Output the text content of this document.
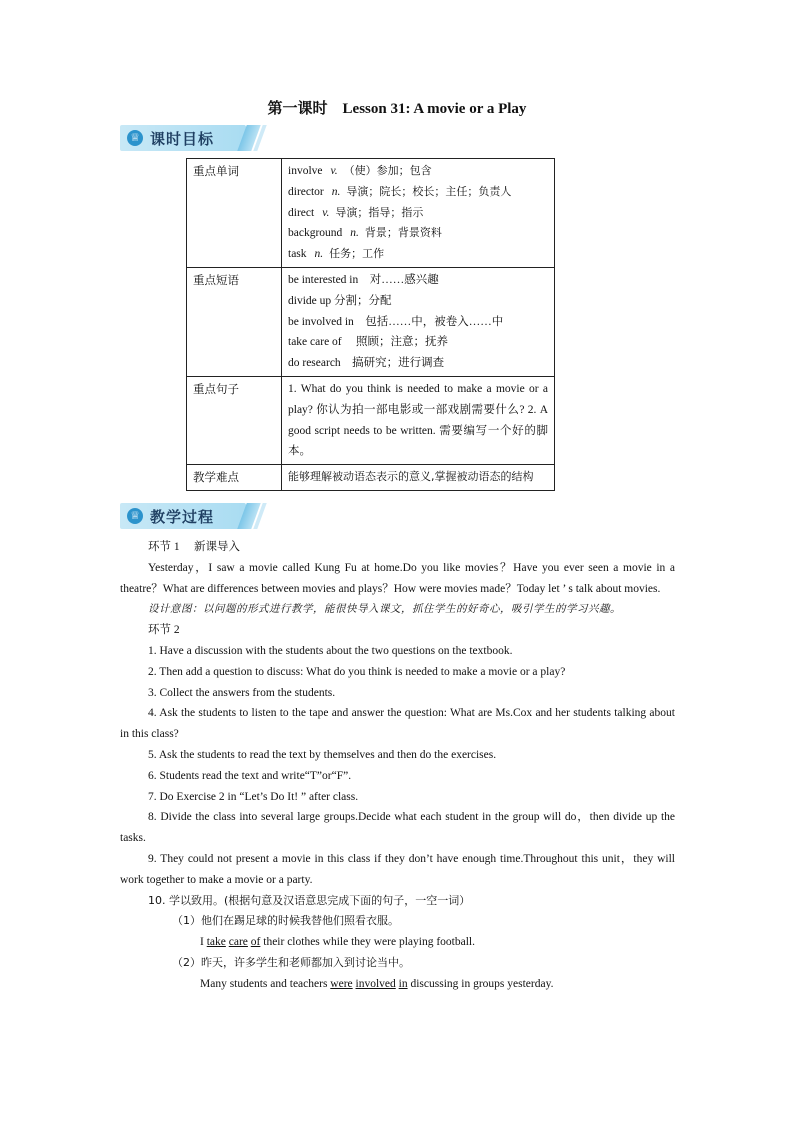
第一课时　Lesson 31: A movie or a Play
♕ 课时目标
重点单词	involve v. （使）参加；包含
director n. 导演；院长；校长；主任；负责人
direct v. 导演；指导；指示
background n. 背景；背景资料
task n. 任务；工作

重点短语	be interested in　对……感兴趣
divide up 分割；分配
be involved in　包括……中，被卷入……中
take care of　 照顾；注意；抚养
do research　搞研究；进行调查

重点句子	1. What do you think is needed to make a movie or a play? 你认为拍一部电影或一部戏剧需要什么? 2. A good script needs to be written. 需要编写一个好的脚本。
教学难点	能够理解被动语态表示的意义,掌握被动语态的结构
♕ 教学过程

环节 1　 新课导入

Yesterday，I saw a movie called Kung Fu at home.Do you like movies？Have you ever seen a movie in a theatre？What are differences between movies and plays？How were movies made？Today let ’ s talk about movies.

设计意图：以问题的形式进行教学，能很快导入课文，抓住学生的好奇心，吸引学生的学习兴趣。

环节 2

1. Have a discussion with the students about the two questions on the textbook.

2. Then add a question to discuss: What do you think is needed to make a movie or a play?

3. Collect the answers from the students.

4. Ask the students to listen to the tape and answer the question: What are Ms.Cox and her students talking about in this class?

5. Ask the students to read the text by themselves and then do the exercises.

6. Students read the text and write“T”or“F”.

7. Do Exercise 2 in “Let’s Do It! ” after class.

8. Divide the class into several large groups.Decide what each student in the group will do，then divide up the tasks.

9. They could not present a movie in this class if they don’t have enough time.Throughout this unit，they will work together to make a movie or a party.

10. 学以致用。(根据句意及汉语意思完成下面的句子，一空一词）

（1）他们在踢足球的时候我替他们照看衣服。

I take care of their clothes while they were playing football.

（2）昨天，许多学生和老师都加入到讨论当中。

Many students and teachers were involved in discussing in groups yesterday.
